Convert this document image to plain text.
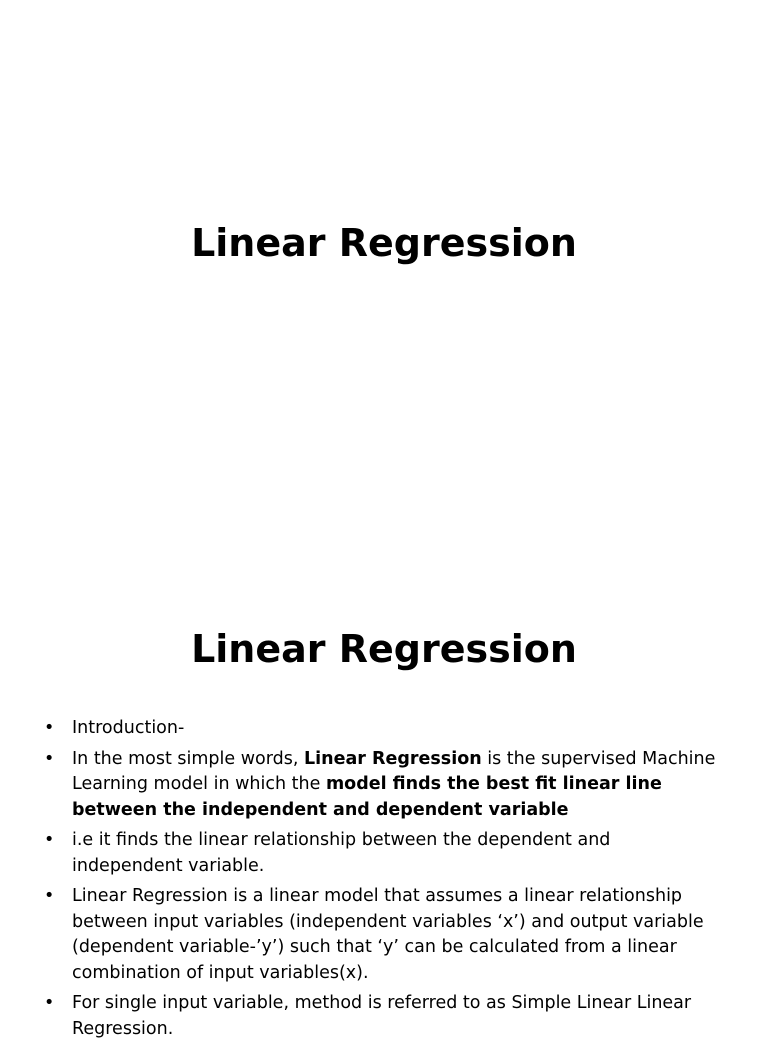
Linear Regression
Linear Regression
• Introduction-
• In the most simple words, Linear Regression is the supervised Machine Learning model in which the model finds the best fit linear line between the independent and dependent variable
• i.e it finds the linear relationship between the dependent and independent variable.
• Linear Regression is a linear model that assumes a linear relationship between input variables (independent variables ‘x’) and output variable (dependent variable-’y’) such that ‘y’ can be calculated from a linear combination of input variables(x).
• For single input variable, method is referred to as Simple Linear Linear Regression.
